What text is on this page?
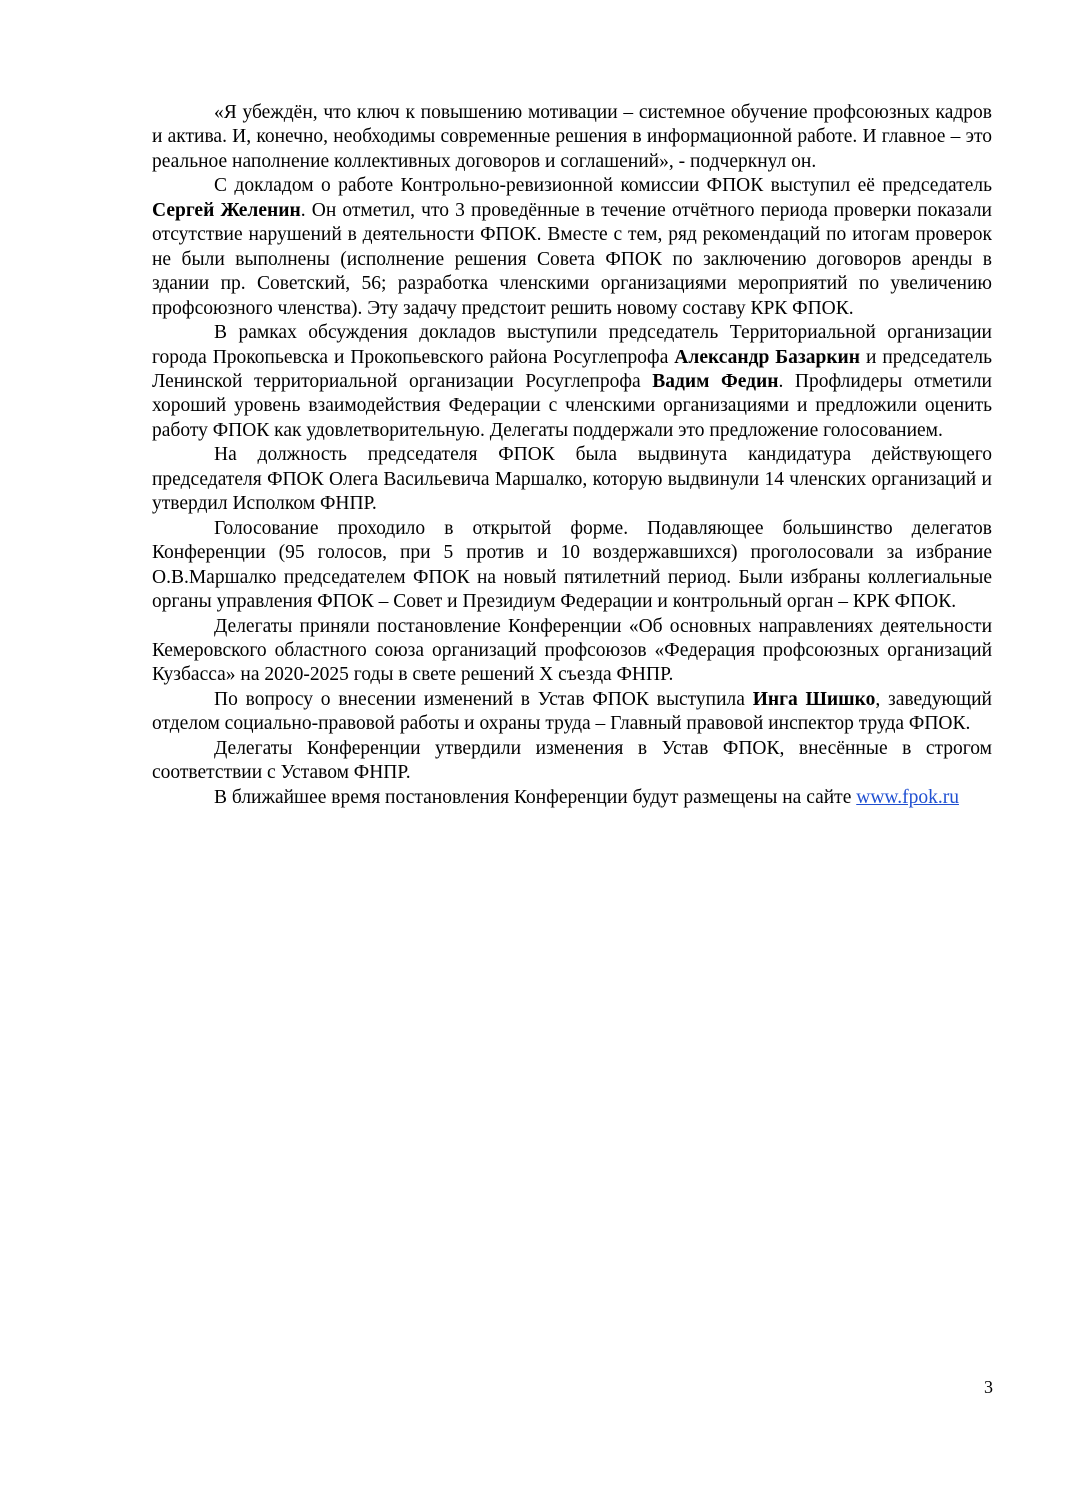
«Я убеждён, что ключ к повышению мотивации – системное обучение профсоюзных кадров и актива. И, конечно, необходимы современные решения в информационной работе. И главное – это реальное наполнение коллективных договоров и соглашений», - подчеркнул он.

С докладом о работе Контрольно-ревизионной комиссии ФПОК выступил её председатель Сергей Желенин. Он отметил, что 3 проведённые в течение отчётного периода проверки показали отсутствие нарушений в деятельности ФПОК. Вместе с тем, ряд рекомендаций по итогам проверок не были выполнены (исполнение решения Совета ФПОК по заключению договоров аренды в здании пр. Советский, 56; разработка членскими организациями мероприятий по увеличению профсоюзного членства). Эту задачу предстоит решить новому составу КРК ФПОК.

В рамках обсуждения докладов выступили председатель Территориальной организации города Прокопьевска и Прокопьевского района Росуглепрофа Александр Базаркин и председатель Ленинской территориальной организации Росуглепрофа Вадим Федин. Профлидеры отметили хороший уровень взаимодействия Федерации с членскими организациями и предложили оценить работу ФПОК как удовлетворительную. Делегаты поддержали это предложение голосованием.

На должность председателя ФПОК была выдвинута кандидатура действующего председателя ФПОК Олега Васильевича Маршалко, которую выдвинули 14 членских организаций и утвердил Исполком ФНПР.

Голосование проходило в открытой форме. Подавляющее большинство делегатов Конференции (95 голосов, при 5 против и 10 воздержавшихся) проголосовали за избрание О.В.Маршалко председателем ФПОК на новый пятилетний период. Были избраны коллегиальные органы управления ФПОК – Совет и Президиум Федерации и контрольный орган – КРК ФПОК.

Делегаты приняли постановление Конференции «Об основных направлениях деятельности Кемеровского областного союза организаций профсоюзов «Федерация профсоюзных организаций Кузбасса» на 2020-2025 годы в свете решений X съезда ФНПР.

По вопросу о внесении изменений в Устав ФПОК выступила Инга Шишко, заведующий отделом социально-правовой работы и охраны труда – Главный правовой инспектор труда ФПОК.

Делегаты Конференции утвердили изменения в Устав ФПОК, внесённые в строгом соответствии с Уставом ФНПР.

В ближайшее время постановления Конференции будут размещены на сайте www.fpok.ru

3
